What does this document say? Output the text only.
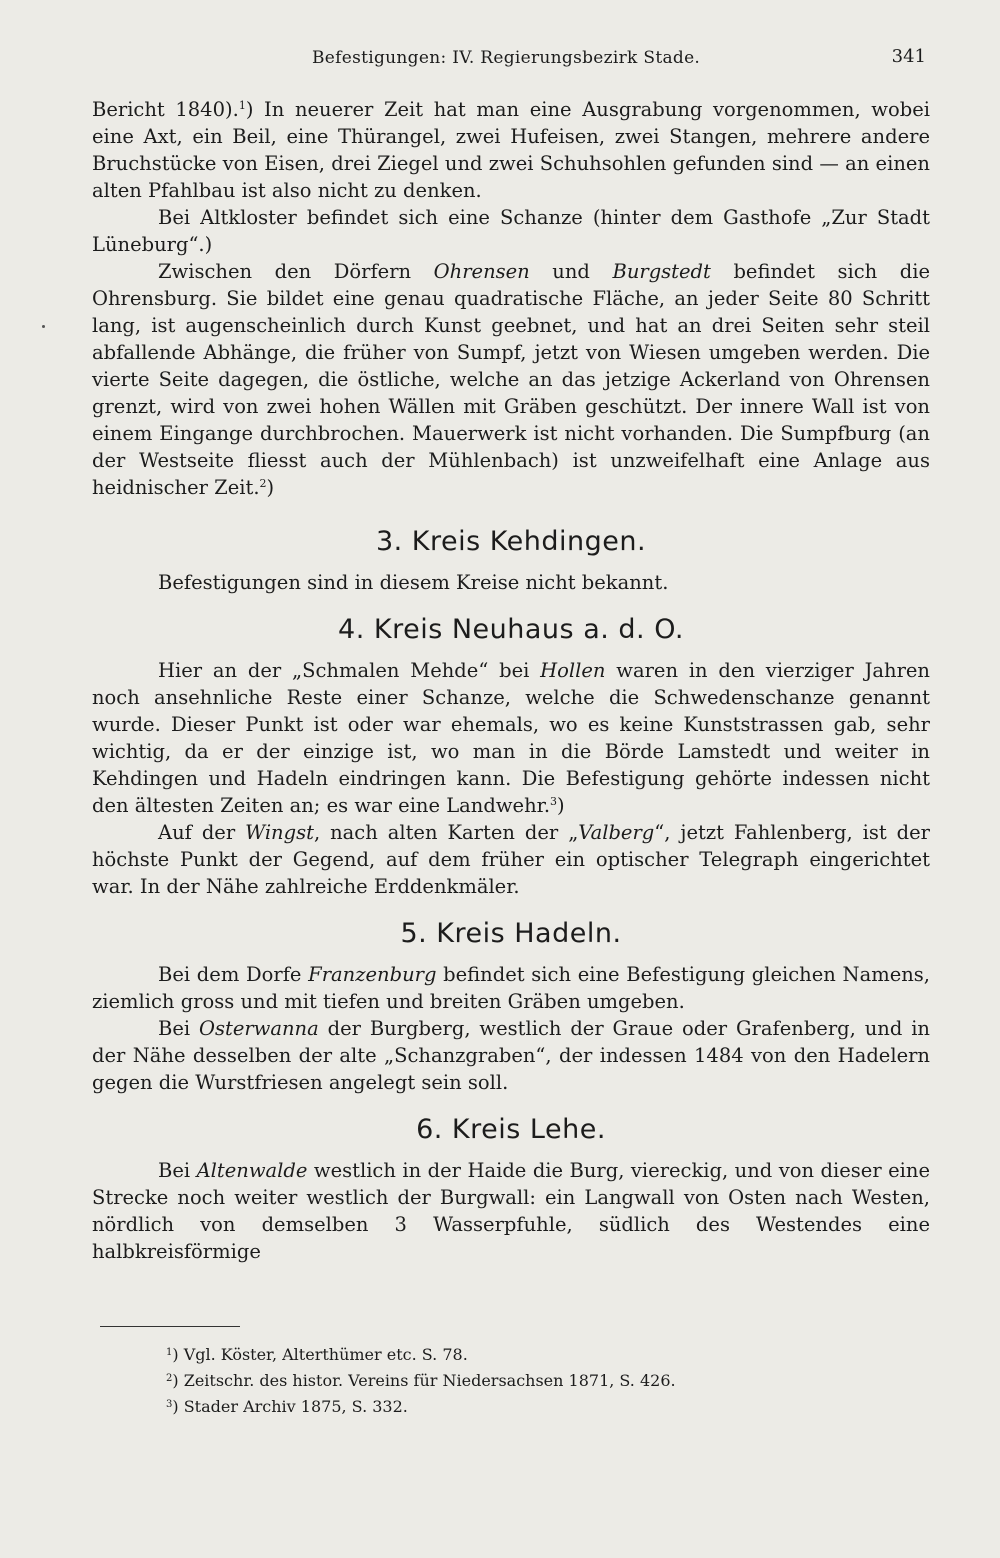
Befestigungen: IV. Regierungsbezirk Stade.	341

Bericht 1840).$^1$) In neuerer Zeit hat man eine Ausgrabung vorgenommen, wobei eine Axt, ein Beil, eine Thürangel, zwei Hufeisen, zwei Stangen, mehrere andere Bruchstücke von Eisen, drei Ziegel und zwei Schuhsohlen gefunden sind — an einen alten Pfahlbau ist also nicht zu denken.

Bei Altkloster befindet sich eine Schanze (hinter dem Gasthofe „Zur Stadt Lüneburg“.)

Zwischen den Dörfern Ohrensen und Burgstedt befindet sich die Ohrensburg. Sie bildet eine genau quadratische Fläche, an jeder Seite 80 Schritt lang, ist augenscheinlich durch Kunst geebnet, und hat an drei Seiten sehr steil abfallende Abhänge, die früher von Sumpf, jetzt von Wiesen umgeben werden. Die vierte Seite dagegen, die östliche, welche an das jetzige Ackerland von Ohrensen grenzt, wird von zwei hohen Wällen mit Gräben geschützt. Der innere Wall ist von einem Eingange durchbrochen. Mauerwerk ist nicht vorhanden. Die Sumpfburg (an der Westseite fliesst auch der Mühlenbach) ist unzweifelhaft eine Anlage aus heidnischer Zeit.$^2$)

3. Kreis Kehdingen.

Befestigungen sind in diesem Kreise nicht bekannt.

4. Kreis Neuhaus a. d. O.

Hier an der „Schmalen Mehde“ bei Hollen waren in den vierziger Jahren noch ansehnliche Reste einer Schanze, welche die Schwedenschanze genannt wurde. Dieser Punkt ist oder war ehemals, wo es keine Kunststrassen gab, sehr wichtig, da er der einzige ist, wo man in die Börde Lamstedt und weiter in Kehdingen und Hadeln eindringen kann. Die Befestigung gehörte indessen nicht den ältesten Zeiten an; es war eine Landwehr.$^3$)

Auf der Wingst, nach alten Karten der „Valberg“, jetzt Fahlenberg, ist der höchste Punkt der Gegend, auf dem früher ein optischer Telegraph eingerichtet war. In der Nähe zahlreiche Erddenkmäler.

5. Kreis Hadeln.

Bei dem Dorfe Franzenburg befindet sich eine Befestigung gleichen Namens, ziemlich gross und mit tiefen und breiten Gräben umgeben.

Bei Osterwanna der Burgberg, westlich der Graue oder Grafenberg, und in der Nähe desselben der alte „Schanzgraben“, der indessen 1484 von den Hadelern gegen die Wurstfriesen angelegt sein soll.

6. Kreis Lehe.

Bei Altenwalde westlich in der Haide die Burg, viereckig, und von dieser eine Strecke noch weiter westlich der Burgwall: ein Langwall von Osten nach Westen, nördlich von demselben 3 Wasserpfuhle, südlich des Westendes eine halbkreisförmige

$^1$) Vgl. Köster, Alterthümer etc. S. 78.
$^2$) Zeitschr. des histor. Vereins für Niedersachsen 1871, S. 426.
$^3$) Stader Archiv 1875, S. 332.
